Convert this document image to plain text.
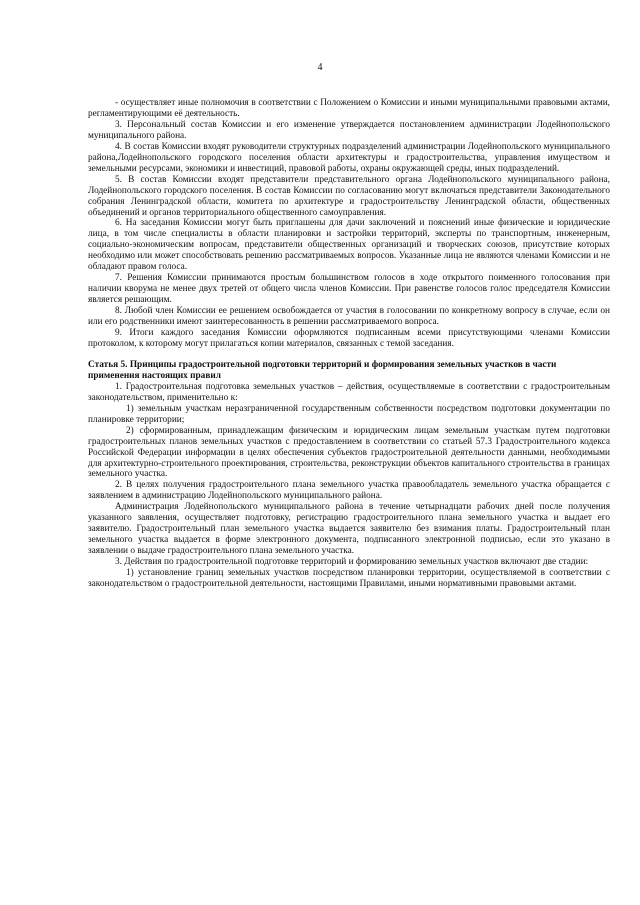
4

- осуществляет иные полномочия в соответствии с Положением о Комиссии и иными муниципальными правовыми актами, регламентирующими её деятельность.

3. Персональный состав Комиссии и его изменение утверждается постановлением администрации Лодейнопольского муниципального района.

4. В состав Комиссии входят руководители структурных подразделений администрации Лодейнопольского муниципального района,Лодейнопольского городского поселения области архитектуры и градостроительства, управления имуществом и земельными ресурсами, экономики и инвестиций, правовой работы, охраны окружающей среды, иных подразделений.

5. В состав Комиссии входят представители представительного органа Лодейнопольского муниципального района, Лодейнопольского городского поселения. В состав Комиссии по согласованию могут включаться представители Законодательного собрания Ленинградской области, комитета по архитектуре и градостроительству Ленинградской области, общественных объединений и органов территориального общественного самоуправления.

6. На заседания Комиссии могут быть приглашены для дачи заключений и пояснений иные физические и юридические лица, в том числе специалисты в области планировки и застройки территорий, эксперты по транспортным, инженерным, социально-экономическим вопросам, представители общественных организаций и творческих союзов, присутствие которых необходимо или может способствовать решению рассматриваемых вопросов. Указанные лица не являются членами Комиссии и не обладают правом голоса.

7. Решения Комиссии принимаются простым большинством голосов в ходе открытого поименного голосования при наличии кворума не менее двух третей от общего числа членов Комиссии. При равенстве голосов голос председателя Комиссии является решающим.

8. Любой член Комиссии ее решением освобождается от участия в голосовании по конкретному вопросу в случае, если он или его родственники имеют заинтересованность в решении рассматриваемого вопроса.

9. Итоги каждого заседания Комиссии оформляются подписанным всеми присутствующими членами Комиссии протоколом, к которому могут прилагаться копии материалов, связанных с темой заседания.

Статья 5. Принципы градостроительной подготовки территорий и формирования земельных участков в части применения настоящих правил

1. Градостроительная подготовка земельных участков – действия, осуществляемые в соответствии с градостроительным законодательством, применительно к:

1) земельным участкам неразграниченной государственным собственности посредством подготовки документации по планировке территории;

2) сформированным, принадлежащим физическим и юридическим лицам земельным участкам путем подготовки градостроительных планов земельных участков с предоставлением в соответствии со статьей 57.3 Градостроительного кодекса Российской Федерации информации в целях обеспечения субъектов градостроительной деятельности данными, необходимыми для архитектурно-строительного проектирования, строительства, реконструкции объектов капитального строительства в границах земельного участка.

2. В целях получения градостроительного плана земельного участка правообладатель земельного участка обращается с заявлением в администрацию Лодейнопольского муниципального района.

Администрация Лодейнопольского муниципального района в течение четырнадцати рабочих дней после получения указанного заявления, осуществляет подготовку, регистрацию градостроительного плана земельного участка и выдает его заявителю. Градостроительный план земельного участка выдается заявителю без взимания платы. Градостроительный план земельного участка выдается в форме электронного документа, подписанного электронной подписью, если это указано в заявлении о выдаче градостроительного плана земельного участка.

3. Действия по градостроительной подготовке территорий и формированию земельных участков включают две стадии:

1) установление границ земельных участков посредством планировки территории, осуществляемой в соответствии с законодательством о градостроительной деятельности, настоящими Правилами, иными нормативными правовыми актами.
